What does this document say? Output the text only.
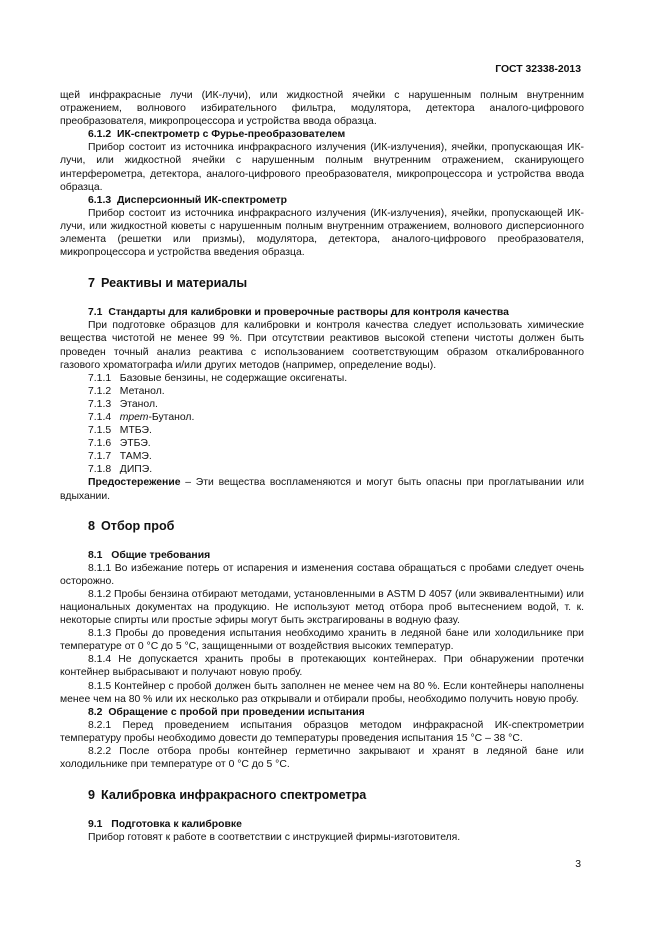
ГОСТ 32338-2013

щей инфракрасные лучи (ИК-лучи), или жидкостной ячейки с нарушенным полным внутренним отражением, волнового избирательного фильтра, модулятора, детектора аналого-цифрового преобразователя, микропроцессора и устройства ввода образца.

6.1.2 ИК-спектрометр с Фурье-преобразователем

Прибор состоит из источника инфракрасного излучения (ИК-излучения), ячейки, пропускающая ИК-лучи, или жидкостной ячейки с нарушенным полным внутренним отражением, сканирующего интерферометра, детектора, аналого-цифрового преобразователя, микропроцессора и устройства ввода образца.

6.1.3 Дисперсионный ИК-спектрометр

Прибор состоит из источника инфракрасного излучения (ИК-излучения), ячейки, пропускающей ИК-лучи, или жидкостной кюветы с нарушенным полным внутренним отражением, волнового дисперсионного элемента (решетки или призмы), модулятора, детектора, аналого-цифрового преобразователя, микропроцессора и устройства введения образца.

7 Реактивы и материалы

7.1 Стандарты для калибровки и проверочные растворы для контроля качества

При подготовке образцов для калибровки и контроля качества следует использовать химические вещества чистотой не менее 99 %. При отсутствии реактивов высокой степени чистоты должен быть проведен точный анализ реактива с использованием соответствующим образом откалиброванного газового хроматографа и/или других методов (например, определение воды).

7.1.1 Базовые бензины, не содержащие оксигенаты.

7.1.2 Метанол.

7.1.3 Этанол.

7.1.4 трет-Бутанол.

7.1.5 МТБЭ.

7.1.6 ЭТБЭ.

7.1.7 ТАМЭ.

7.1.8 ДИПЭ.

Предостережение – Эти вещества воспламеняются и могут быть опасны при проглатывании или вдыхании.

8 Отбор проб

8.1 Общие требования

8.1.1 Во избежание потерь от испарения и изменения состава обращаться с пробами следует очень осторожно.

8.1.2 Пробы бензина отбирают методами, установленными в ASTM D 4057 (или эквивалентными) или национальных документах на продукцию. Не используют метод отбора проб вытеснением водой, т. к. некоторые спирты или простые эфиры могут быть экстрагированы в водную фазу.

8.1.3 Пробы до проведения испытания необходимо хранить в ледяной бане или холодильнике при температуре от 0 °С до 5 °С, защищенными от воздействия высоких температур.

8.1.4 Не допускается хранить пробы в протекающих контейнерах. При обнаружении протечки контейнер выбрасывают и получают новую пробу.

8.1.5 Контейнер с пробой должен быть заполнен не менее чем на 80 %. Если контейнеры наполнены менее чем на 80 % или их несколько раз открывали и отбирали пробы, необходимо получить новую пробу.

8.2 Обращение с пробой при проведении испытания

8.2.1 Перед проведением испытания образцов методом инфракрасной ИК-спектрометрии температуру пробы необходимо довести до температуры проведения испытания 15 °С – 38 °С.

8.2.2 После отбора пробы контейнер герметично закрывают и хранят в ледяной бане или холодильнике при температуре от 0 °С до 5 °С.

9 Калибровка инфракрасного спектрометра

9.1 Подготовка к калибровке

Прибор готовят к работе в соответствии с инструкцией фирмы-изготовителя.

3
